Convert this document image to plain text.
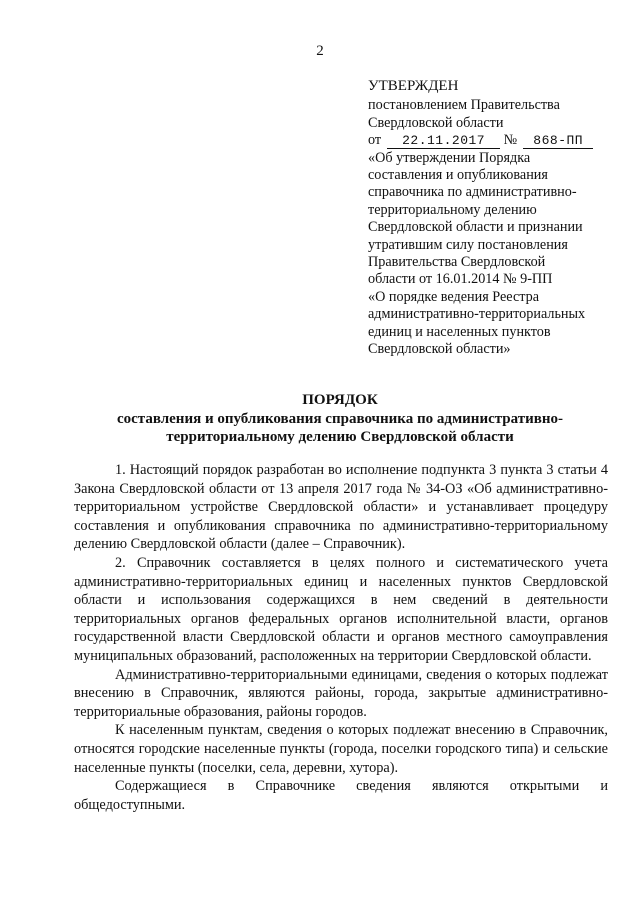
2
УТВЕРЖДЕН
постановлением Правительства
Свердловской области
от 22.11.2017 № 868-ПП
«Об утверждении Порядка
составления и опубликования
справочника по административно-
территориальному делению
Свердловской области и признании
утратившим силу постановления
Правительства Свердловской
области от 16.01.2014 № 9-ПП
«О порядке ведения Реестра
административно-территориальных
единиц и населенных пунктов
Свердловской области»
ПОРЯДОК
составления и опубликования справочника по административно-
территориальному делению Свердловской области

1. Настоящий порядок разработан во исполнение подпункта 3 пункта 3 статьи 4 Закона Свердловской области от 13 апреля 2017 года № 34-ОЗ «Об административно-территориальном устройстве Свердловской области» и устанавливает процедуру составления и опубликования справочника по административно-территориальному делению Свердловской области (далее – Справочник).

2. Справочник составляется в целях полного и систематического учета административно-территориальных единиц и населенных пунктов Свердловской области и использования содержащихся в нем сведений в деятельности территориальных органов федеральных органов исполнительной власти, органов государственной власти Свердловской области и органов местного самоуправления муниципальных образований, расположенных на территории Свердловской области.

Административно-территориальными единицами, сведения о которых подлежат внесению в Справочник, являются районы, города, закрытые административно-территориальные образования, районы городов.

К населенным пунктам, сведения о которых подлежат внесению в Справочник, относятся городские населенные пункты (города, поселки городского типа) и сельские населенные пункты (поселки, села, деревни, хутора).

Содержащиеся в Справочнике сведения являются открытыми и общедоступными.
